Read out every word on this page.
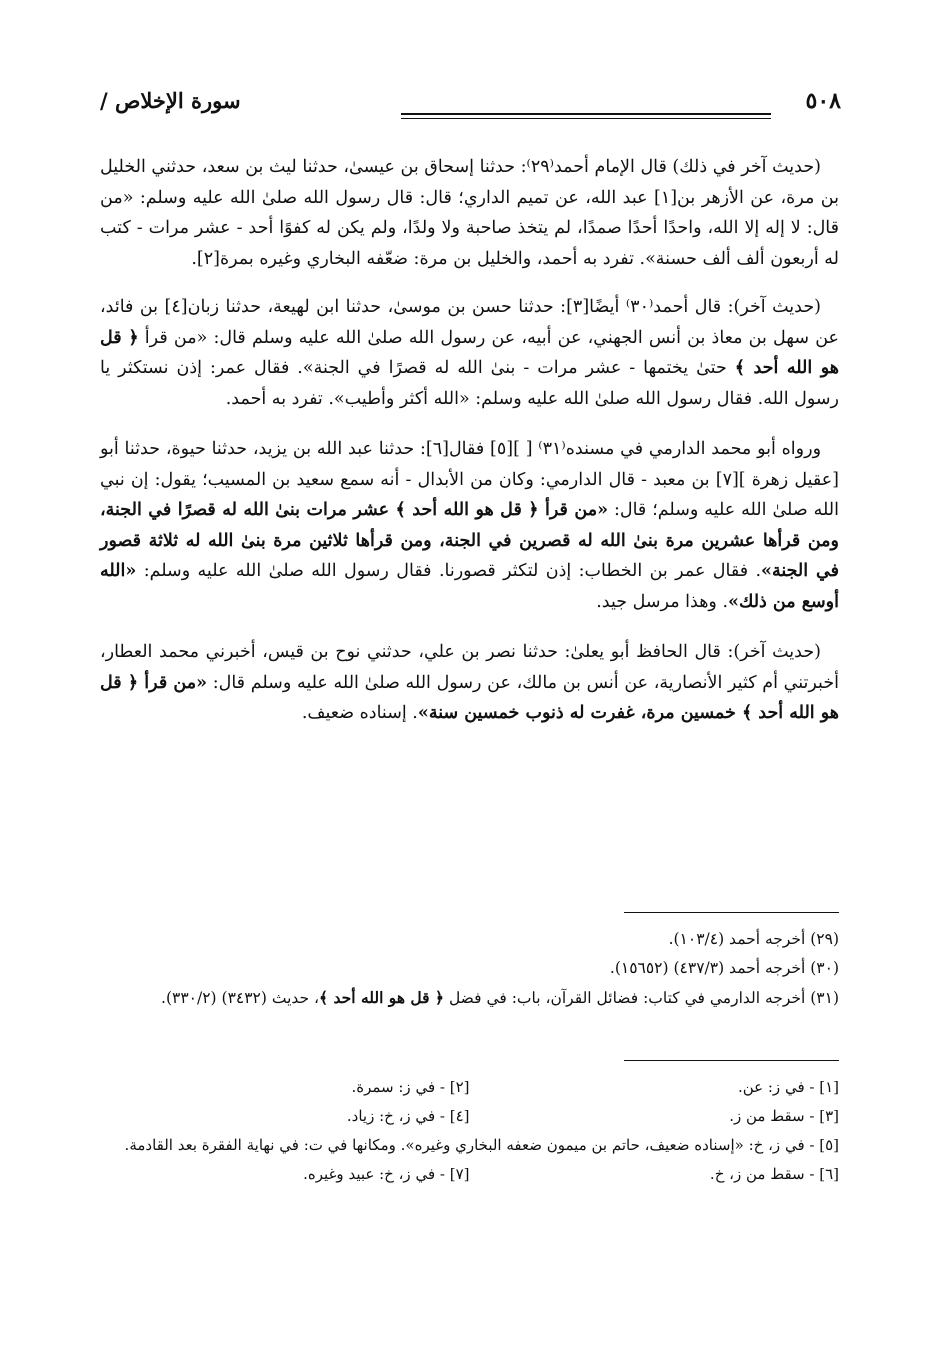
سورة الإخلاص /	٥٠٨

(حديث آخر في ذلك) قال الإمام أحمد⁽٢٩⁾: حدثنا إسحاق بن عيسىٰ، حدثنا ليث بن سعد، حدثني الخليل بن مرة، عن الأزهر بن[١] عبد الله، عن تميم الداري؛ قال: قال رسول الله صلىٰ الله عليه وسلم: «من قال: لا إله إلا الله، واحدًا أحدًا صمدًا، لم يتخذ صاحبة ولا ولدًا، ولم يكن له كفوًا أحد - عشر مرات - كتب له أربعون ألف ألف حسنة». تفرد به أحمد، والخليل بن مرة: ضعّفه البخاري وغيره بمرة[٢].

(حديث آخر): قال أحمد⁽٣٠⁾ أيضًا[٣]: حدثنا حسن بن موسىٰ، حدثنا ابن لهيعة، حدثنا زبان[٤] بن فائد، عن سهل بن معاذ بن أنس الجهني، عن أبيه، عن رسول الله صلىٰ الله عليه وسلم قال: «من قرأ ﴿ قل هو الله أحد ﴾ حتىٰ يختمها - عشر مرات - بنىٰ الله له قصرًا في الجنة». فقال عمر: إذن نستكثر يا رسول الله. فقال رسول الله صلىٰ الله عليه وسلم: «الله أكثر وأطيب». تفرد به أحمد.

ورواه أبو محمد الدارمي في مسنده⁽٣١⁾ [ ][٥] فقال[٦]: حدثنا عبد الله بن يزيد، حدثنا حيوة، حدثنا أبو [عقيل زهرة ][٧] بن معبد - قال الدارمي: وكان من الأبدال - أنه سمع سعيد بن المسيب؛ يقول: إن نبي الله صلىٰ الله عليه وسلم؛ قال: «من قرأ ﴿ قل هو الله أحد ﴾ عشر مرات بنىٰ الله له قصرًا في الجنة، ومن قرأها عشرين مرة بنىٰ الله له قصرين في الجنة، ومن قرأها ثلاثين مرة بنىٰ الله له ثلاثة قصور في الجنة». فقال عمر بن الخطاب: إذن لتكثر قصورنا. فقال رسول الله صلىٰ الله عليه وسلم: «الله أوسع من ذلك». وهذا مرسل جيد.

(حديث آخر): قال الحافظ أبو يعلىٰ: حدثنا نصر بن علي، حدثني نوح بن قيس، أخبرني محمد العطار، أخبرتني أم كثير الأنصارية، عن أنس بن مالك، عن رسول الله صلىٰ الله عليه وسلم قال: «من قرأ ﴿ قل هو الله أحد ﴾ خمسين مرة، غفرت له ذنوب خمسين سنة». إسناده ضعيف.

(٢٩) أخرجه أحمد (١٠٣/٤).

(٣٠) أخرجه أحمد (٤٣٧/٣) (١٥٦٥٢).

(٣١) أخرجه الدارمي في كتاب: فضائل القرآن، باب: في فضل ﴿ قل هو الله أحد ﴾، حديث (٣٤٣٢) (٣٣٠/٢).

[١] - في ز: عن.
[٢] - في ز: سمرة.
[٣] - سقط من ز.
[٤] - في ز، خ: زياد.
[٥] - في ز، خ: «إسناده ضعيف، حاتم بن ميمون ضعفه البخاري وغيره». ومكانها في ت: في نهاية الفقرة بعد القادمة.
[٦] - سقط من ز، خ.
[٧] - في ز، خ: عبيد وغيره.
